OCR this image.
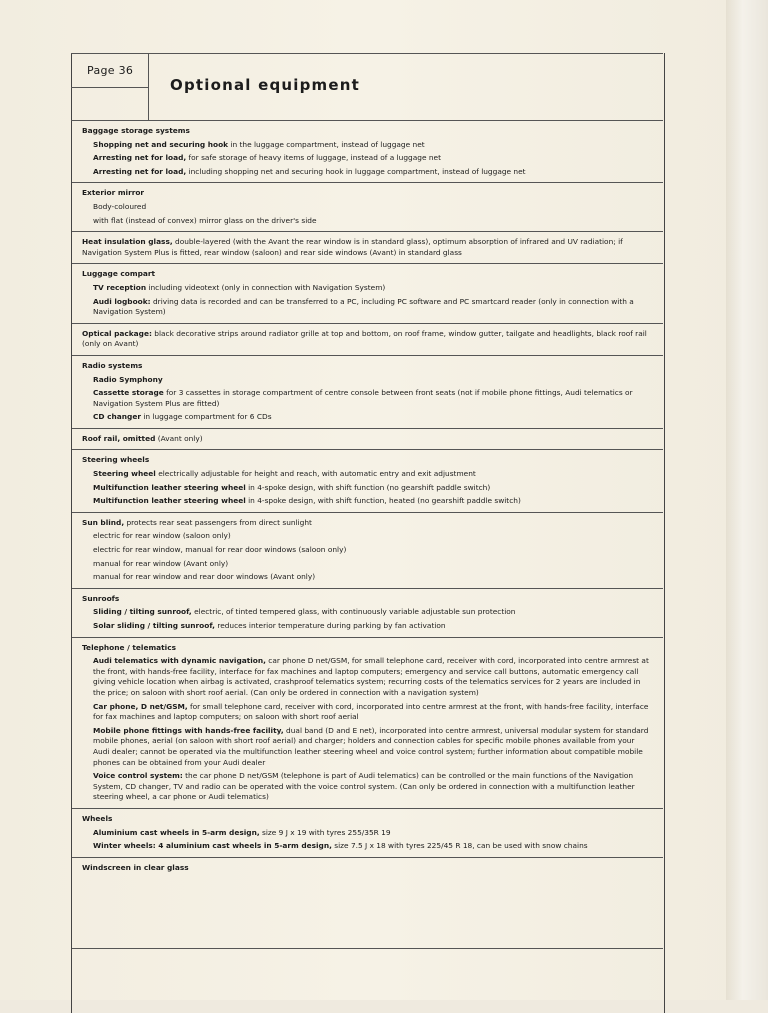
Page 36
Optional equipment
Baggage storage systems
Shopping net and securing hook in the luggage compartment, instead of luggage net
Arresting net for load, for safe storage of heavy items of luggage, instead of a luggage net
Arresting net for load, including shopping net and securing hook in luggage compartment, instead of luggage net
Exterior mirror
Body-coloured
with flat (instead of convex) mirror glass on the driver's side
Heat insulation glass, double-layered (with the Avant the rear window is in standard glass), optimum absorption of infrared and UV radiation; if Navigation System Plus is fitted, rear window (saloon) and rear side windows (Avant) in standard glass
Luggage compart
TV reception including videotext (only in connection with Navigation System)
Audi logbook: driving data is recorded and can be transferred to a PC, including PC software and PC smartcard reader (only in connection with a Navigation System)
Optical package: black decorative strips around radiator grille at top and bottom, on roof frame, window gutter, tailgate and headlights, black roof rail (only on Avant)
Radio systems
Radio Symphony
Cassette storage for 3 cassettes in storage compartment of centre console between front seats (not if mobile phone fittings, Audi telematics or Navigation System Plus are fitted)
CD changer in luggage compartment for 6 CDs
Roof rail, omitted (Avant only)
Steering wheels
Steering wheel electrically adjustable for height and reach, with automatic entry and exit adjustment
Multifunction leather steering wheel in 4-spoke design, with shift function (no gearshift paddle switch)
Multifunction leather steering wheel in 4-spoke design, with shift function, heated (no gearshift paddle switch)
Sun blind, protects rear seat passengers from direct sunlight
electric for rear window (saloon only)
electric for rear window, manual for rear door windows (saloon only)
manual for rear window (Avant only)
manual for rear window and rear door windows (Avant only)
Sunroofs
Sliding / tilting sunroof, electric, of tinted tempered glass, with continuously variable adjustable sun protection
Solar sliding / tilting sunroof, reduces interior temperature during parking by fan activation
Telephone / telematics
Audi telematics with dynamic navigation, car phone D net/GSM, for small telephone card, receiver with cord, incorporated into centre armrest at the front, with hands-free facility, interface for fax machines and laptop computers; emergency and service call buttons, automatic emergency call giving vehicle location when airbag is activated, crashproof telematics system; recurring costs of the telematics services for 2 years are included in the price; on saloon with short roof aerial. (Can only be ordered in connection with a navigation system)
Car phone, D net/GSM, for small telephone card, receiver with cord, incorporated into centre armrest at the front, with hands-free facility, interface for fax machines and laptop computers; on saloon with short roof aerial
Mobile phone fittings with hands-free facility, dual band (D and E net), incorporated into centre armrest, universal modular system for standard mobile phones, aerial (on saloon with short roof aerial) and charger; holders and connection cables for specific mobile phones available from your Audi dealer; cannot be operated via the multifunction leather steering wheel and voice control system; further information about compatible mobile phones can be obtained from your Audi dealer
Voice control system: the car phone D net/GSM (telephone is part of Audi telematics) can be controlled or the main functions of the Navigation System, CD changer, TV and radio can be operated with the voice control system. (Can only be ordered in connection with a multifunction leather steering wheel, a car phone or Audi telematics)
Wheels
Aluminium cast wheels in 5-arm design, size 9 J x 19 with tyres 255/35R 19
Winter wheels: 4 aluminium cast wheels in 5-arm design, size 7.5 J x 18 with tyres 225/45 R 18, can be used with snow chains
Windscreen in clear glass
